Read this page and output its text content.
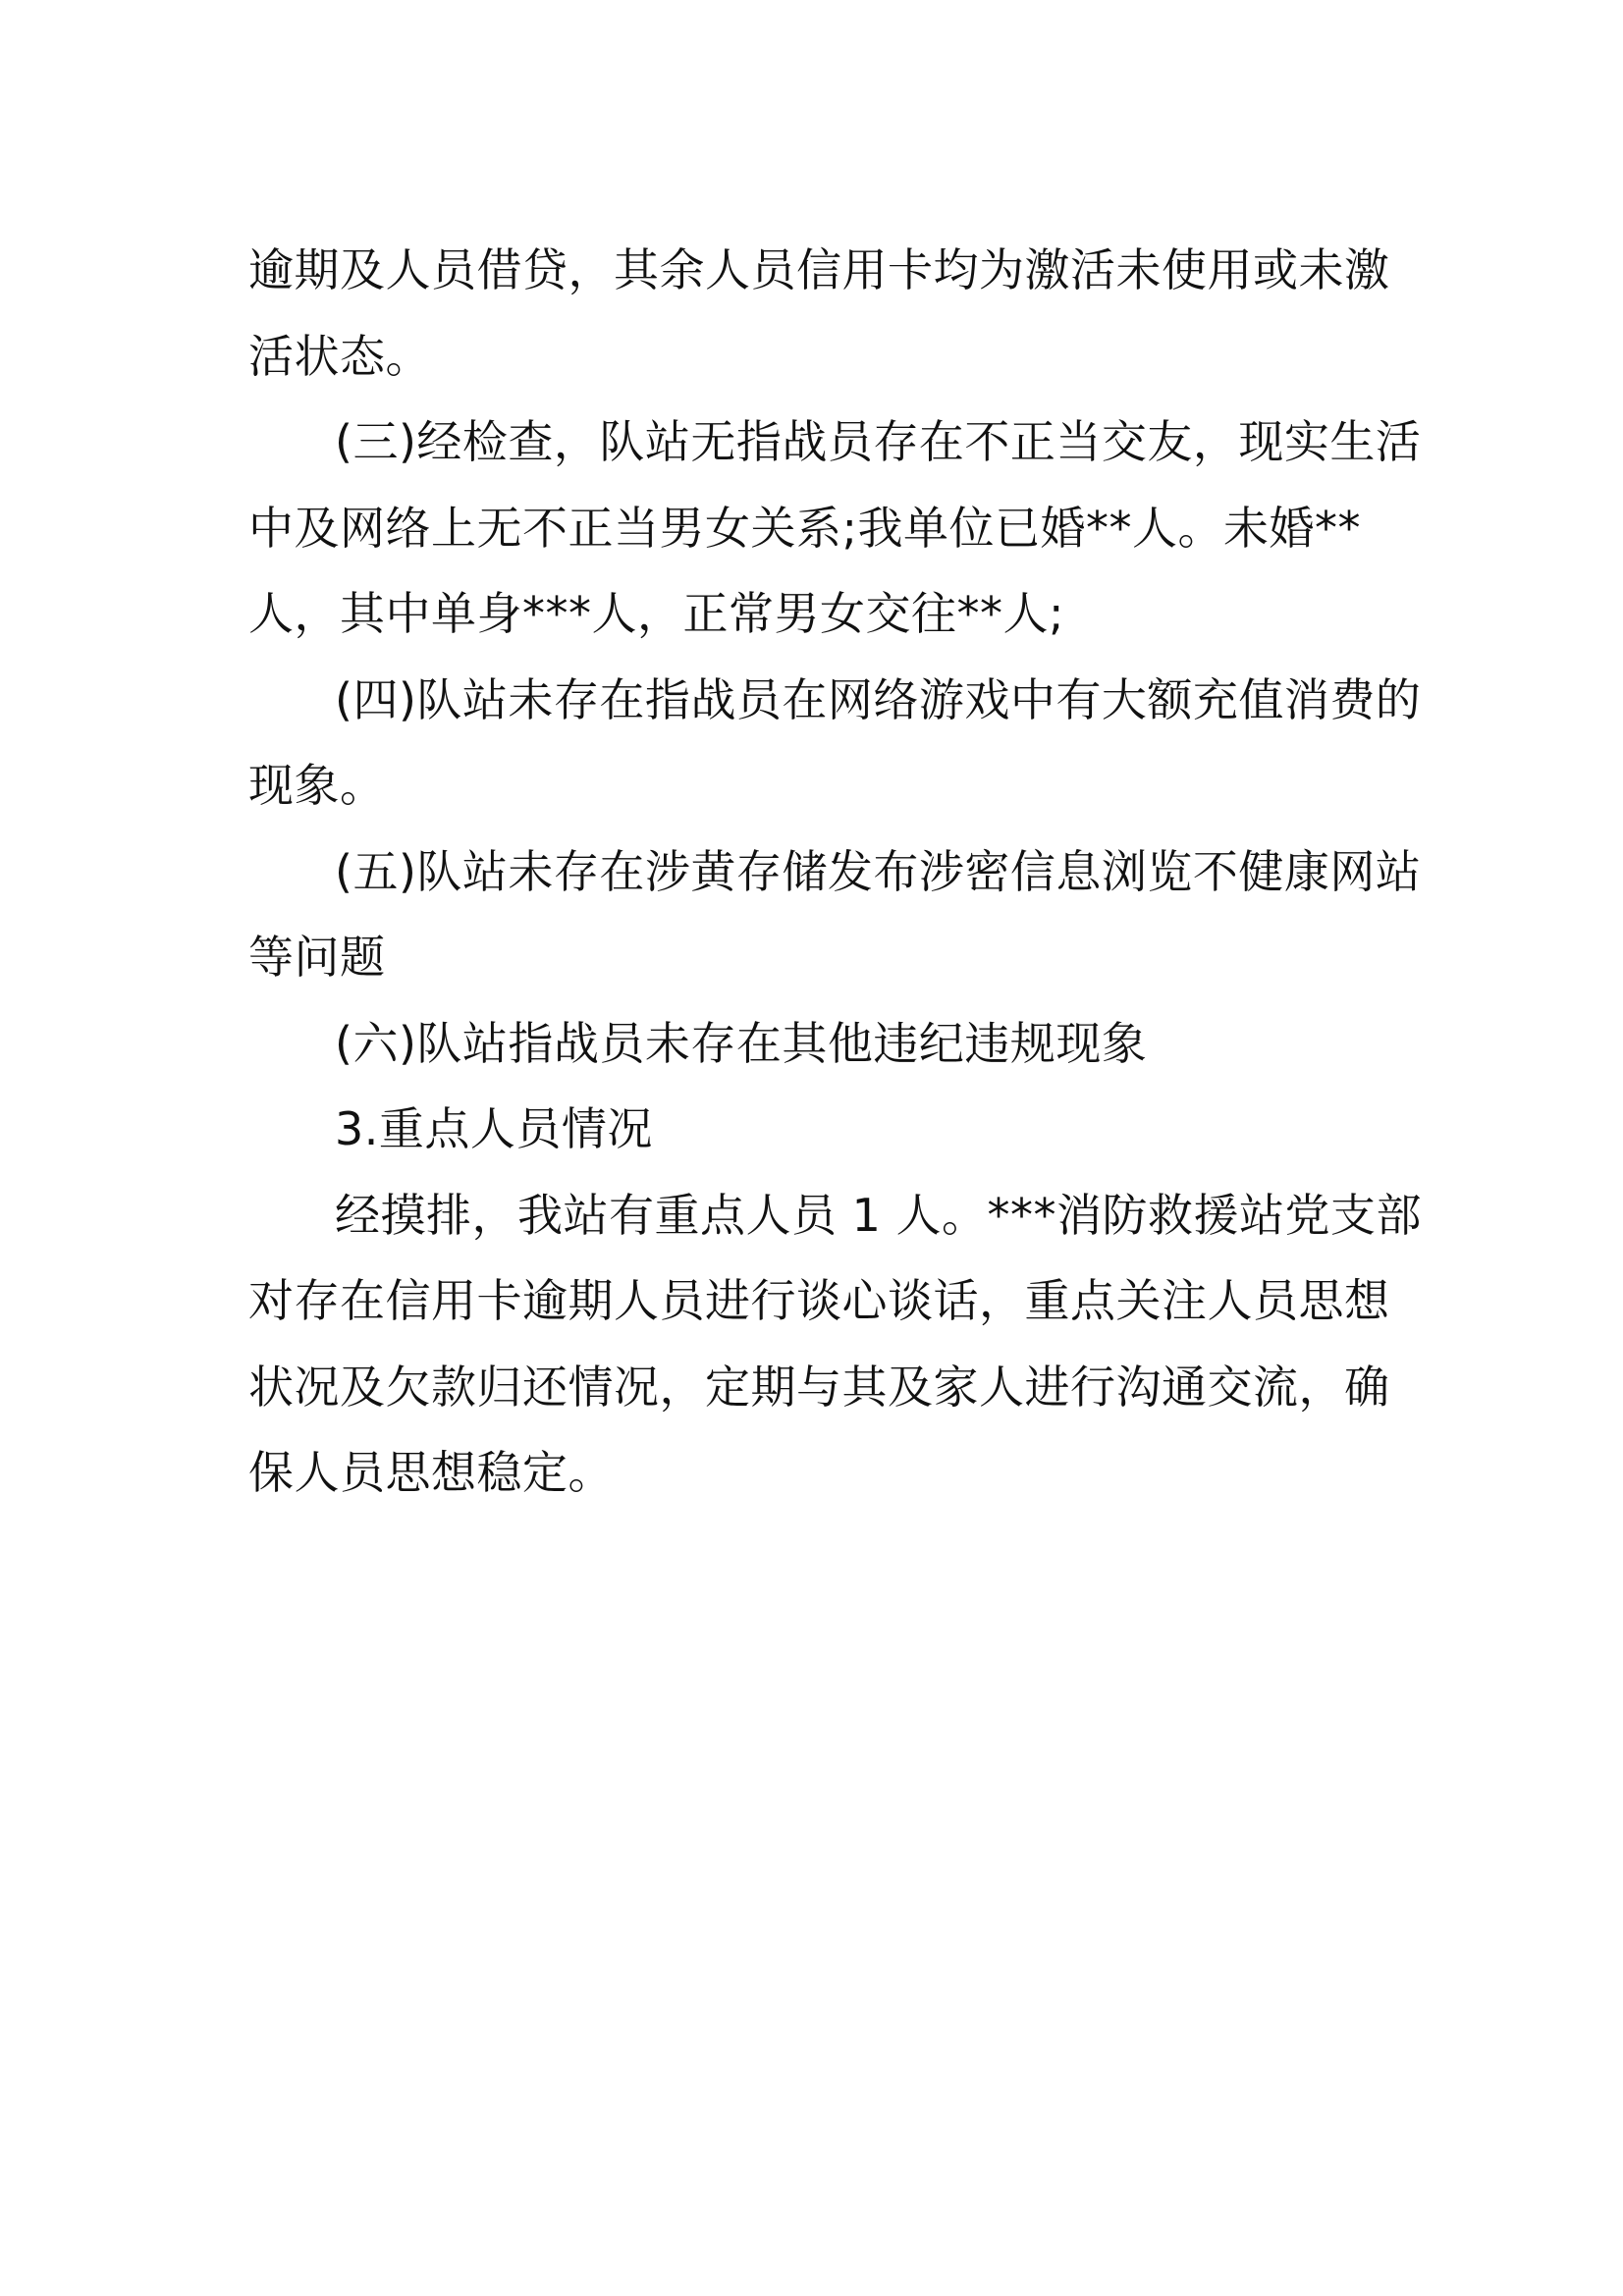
逾期及人员借贷，其余人员信用卡均为激活未使用或未激
活状态。
(三)经检查，队站无指战员存在不正当交友，现实生活
中及网络上无不正当男女关系;我单位已婚**人。未婚**
人，其中单身***人，正常男女交往**人;
(四)队站未存在指战员在网络游戏中有大额充值消费的
现象。
(五)队站未存在涉黄存储发布涉密信息浏览不健康网站
等问题
(六)队站指战员未存在其他违纪违规现象
3.重点人员情况
经摸排，我站有重点人员 1 人。***消防救援站党支部
对存在信用卡逾期人员进行谈心谈话，重点关注人员思想
状况及欠款归还情况，定期与其及家人进行沟通交流，确
保人员思想稳定。
